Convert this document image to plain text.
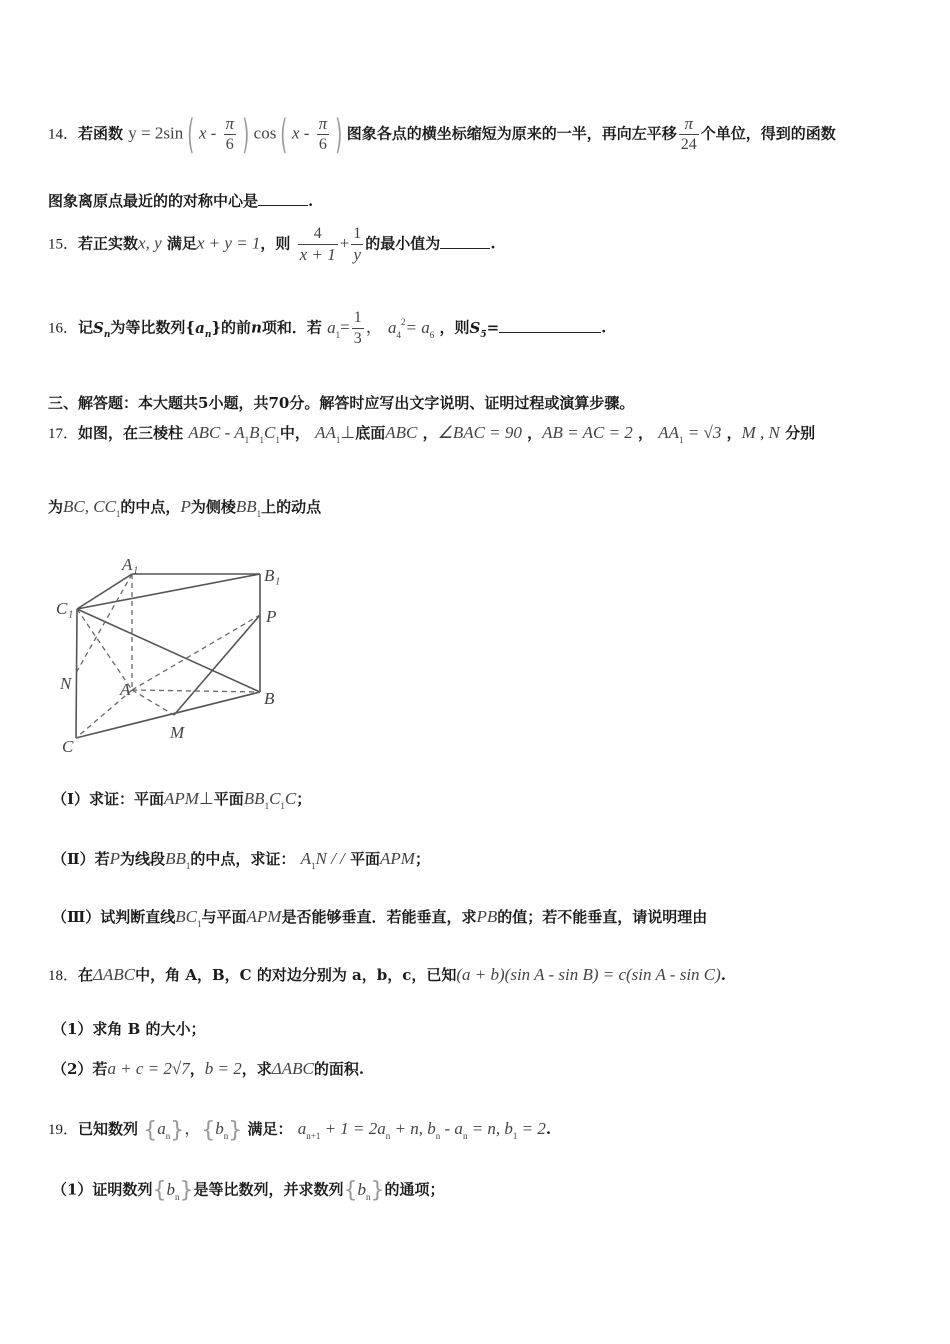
14．若函数 y = 2sin ( x - $\frac{\pi}{6}$ ) cos ( x - $\frac{\pi}{6}$ ) 图象各点的横坐标缩短为原来的一半，再向左平移 $\frac{\pi}{24}$ 个单位，得到的函数
图象离原点最近的的对称中心是	.
15．若正实数x, y 满足x + y = 1，则 $\frac{4}{x + 1} + \frac{1}{y}$ 的最小值为	.
16．记$S_n$为等比数列$\{a_n\}$的前n项和．若 $a_1= \frac{1}{3}$ ， $a_4^2= a_6$ ，则$S_5=$	.
三、解答题：本大题共5小题，共70分。解答时应写出文字说明、证明过程或演算步骤。
17．如图，在三棱柱 ABC - $A_1B_1C_1$中， $AA_1\perp$底面ABC ，∠BAC = 90 ，AB = AC = 2 ， $AA_1 = √3$ ，M , N 分别
为BC, $CC_1$的中点，P为侧棱$BB_1$上的动点
A₁
B₁
C₁	P
N	A	B
C
M
（Ⅰ）求证：平面APM⊥平面$BB_1C_1C$；
（Ⅱ）若P为线段$BB_1$的中点，求证： $A_1N$ / / 平面APM；
（Ⅲ）试判断直线$BC_1$与平面APM是否能够垂直．若能垂直，求PB的值；若不能垂直，请说明理由
18．在ΔABC中，角 A，B，C 的对边分别为 a，b，c，已知(a + b)(sin A - sin B) = c(sin A - sin C).
（1）求角 B 的大小；
（2）若a + c = 2√7，b = 2，求ΔABC的面积.
19．已知数列 $\{a_n\}$，$\{b_n\}$ 满足： $a_{n+1} + 1 = 2a_n + n$, $b_n - a_n = n$, $b_1 = 2$.
（1）证明数列$\{b_n\}$是等比数列，并求数列$\{b_n\}$的通项；
